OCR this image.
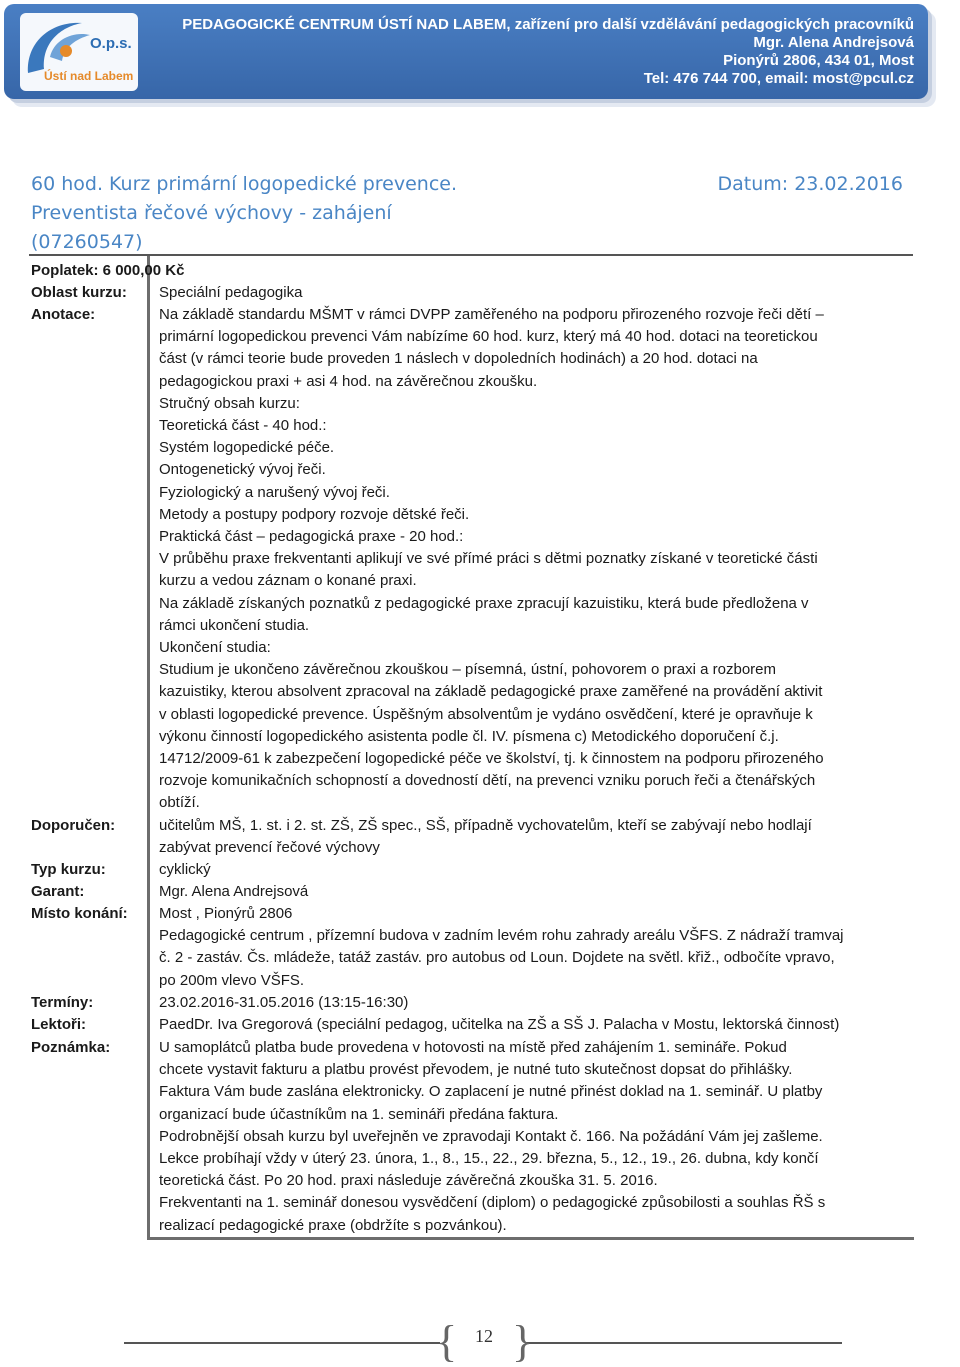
O.p.s.
Ústí nad Labem
PEDAGOGICKÉ CENTRUM ÚSTÍ NAD LABEM, zařízení pro další vzdělávání pedagogických pracovníků
Mgr. Alena Andrejsová
Pionýrů 2806, 434 01, Most
Tel: 476 744 700, email: most@pcul.cz
60 hod. Kurz primární logopedické prevence.
Preventista řečové výchovy - zahájení
(07260547)
Datum: 23.02.2016
Poplatek: 6 000,00 Kč
Oblast kurzu: Speciální pedagogika
Anotace:	Na základě standardu MŠMT v rámci DVPP zaměřeného na podporu přirozeného rozvoje řeči dětí –
primární logopedickou prevenci Vám nabízíme 60 hod. kurz, který má 40 hod. dotaci na teoretickou
část (v rámci teorie bude proveden 1 náslech v dopoledních hodinách) a 20 hod. dotaci na
pedagogickou praxi + asi 4 hod. na závěrečnou zkoušku.
Stručný obsah kurzu:
Teoretická část - 40 hod.:
Systém logopedické péče.
Ontogenetický vývoj řeči.
Fyziologický a narušený vývoj řeči.
Metody a postupy podpory rozvoje dětské řeči.
Praktická část – pedagogická praxe - 20 hod.:
V průběhu praxe frekventanti aplikují ve své přímé práci s dětmi poznatky získané v teoretické části
kurzu a vedou záznam o konané praxi.
Na základě získaných poznatků z pedagogické praxe zpracují kazuistiku, která bude předložena v
rámci ukončení studia.
Ukončení studia:
Studium je ukončeno závěrečnou zkouškou – písemná, ústní, pohovorem o praxi a rozborem
kazuistiky, kterou absolvent zpracoval na základě pedagogické praxe zaměřené na provádění aktivit
v oblasti logopedické prevence. Úspěšným absolventům je vydáno osvědčení, které je opravňuje k
výkonu činností logopedického asistenta podle čl. IV. písmena c) Metodického doporučení č.j.
14712/2009-61 k zabezpečení logopedické péče ve školství, tj. k činnostem na podporu přirozeného
rozvoje komunikačních schopností a dovedností dětí, na prevenci vzniku poruch řeči a čtenářských
obtíží.
Doporučen:	učitelům MŠ, 1. st. i 2. st. ZŠ, ZŠ spec., SŠ, případně vychovatelům, kteří se zabývají nebo hodlají
zabývat prevencí řečové výchovy
Typ kurzu:	cyklický
Garant:	Mgr. Alena Andrejsová
Místo konání: Most , Pionýrů 2806
Pedagogické centrum , přízemní budova v zadním levém rohu zahrady areálu VŠFS. Z nádraží tramvaj
č. 2 - zastáv. Čs. mládeže, tatáž zastáv. pro autobus od Loun. Dojdete na světl. křiž., odbočíte vpravo,
po 200m vlevo VŠFS.
Termíny:	23.02.2016-31.05.2016 (13:15-16:30)
Lektoři:	PaedDr. Iva Gregorová (speciální pedagog, učitelka na ZŠ a SŠ J. Palacha v Mostu, lektorská činnost)
Poznámka:	U samoplátců platba bude provedena v hotovosti na místě před zahájením 1. semináře. Pokud
chcete vystavit fakturu a platbu provést převodem, je nutné tuto skutečnost dopsat do přihlášky.
Faktura Vám bude zaslána elektronicky. O zaplacení je nutné přinést doklad na 1. seminář. U platby
organizací bude účastníkům na 1. semináři předána faktura.
Podrobnější obsah kurzu byl uveřejněn ve zpravodaji Kontakt č. 166. Na požádání Vám jej zašleme.
Lekce probíhají vždy v úterý 23. února, 1., 8., 15., 22., 29. března, 5., 12., 19., 26. dubna, kdy končí
teoretická část. Po 20 hod. praxi následuje závěrečná zkouška 31. 5. 2016.
Frekventanti na 1. seminář donesou vysvědčení (diplom) o pedagogické způsobilosti a souhlas ŘŠ s
realizací pedagogické praxe (obdržíte s pozvánkou).
{ }
12
